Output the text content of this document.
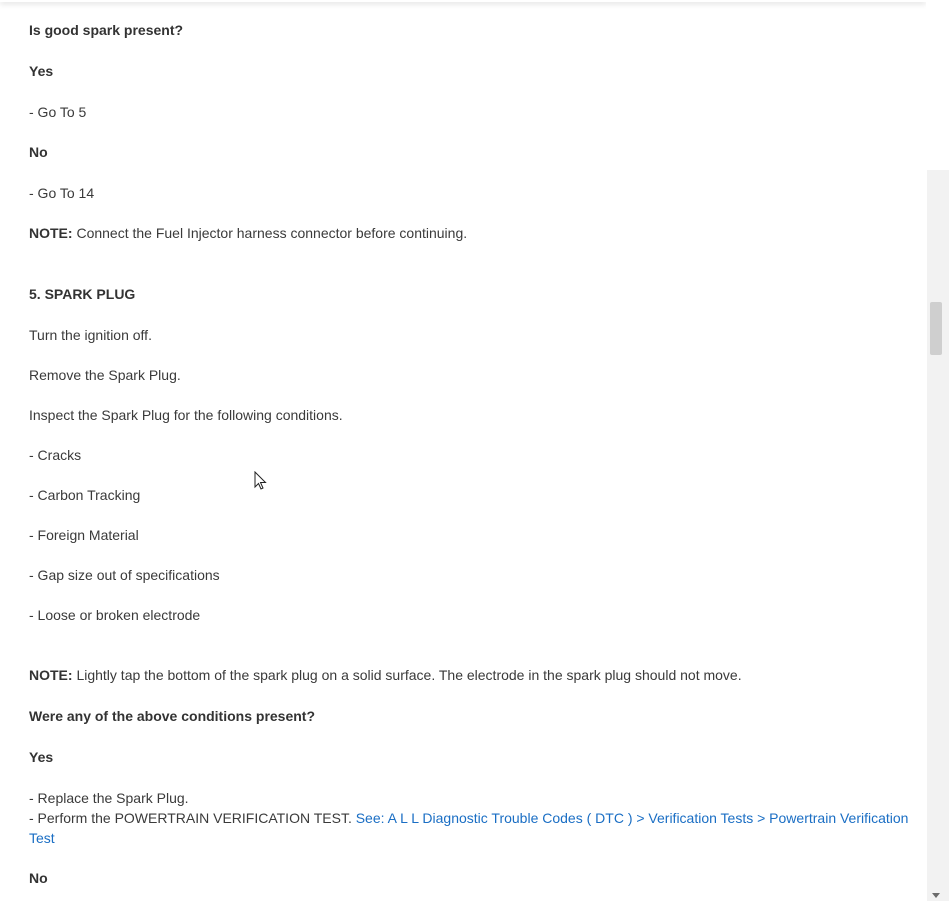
Is good spark present?
Yes
- Go To 5
No
- Go To 14
NOTE: Connect the Fuel Injector harness connector before continuing.
5. SPARK PLUG
Turn the ignition off.
Remove the Spark Plug.
Inspect the Spark Plug for the following conditions.
- Cracks
- Carbon Tracking
- Foreign Material
- Gap size out of specifications
- Loose or broken electrode
NOTE: Lightly tap the bottom of the spark plug on a solid surface. The electrode in the spark plug should not move.
Were any of the above conditions present?
Yes
- Replace the Spark Plug.
- Perform the POWERTRAIN VERIFICATION TEST. See: A L L Diagnostic Trouble Codes ( DTC ) > Verification Tests > Powertrain Verification
Test
No
